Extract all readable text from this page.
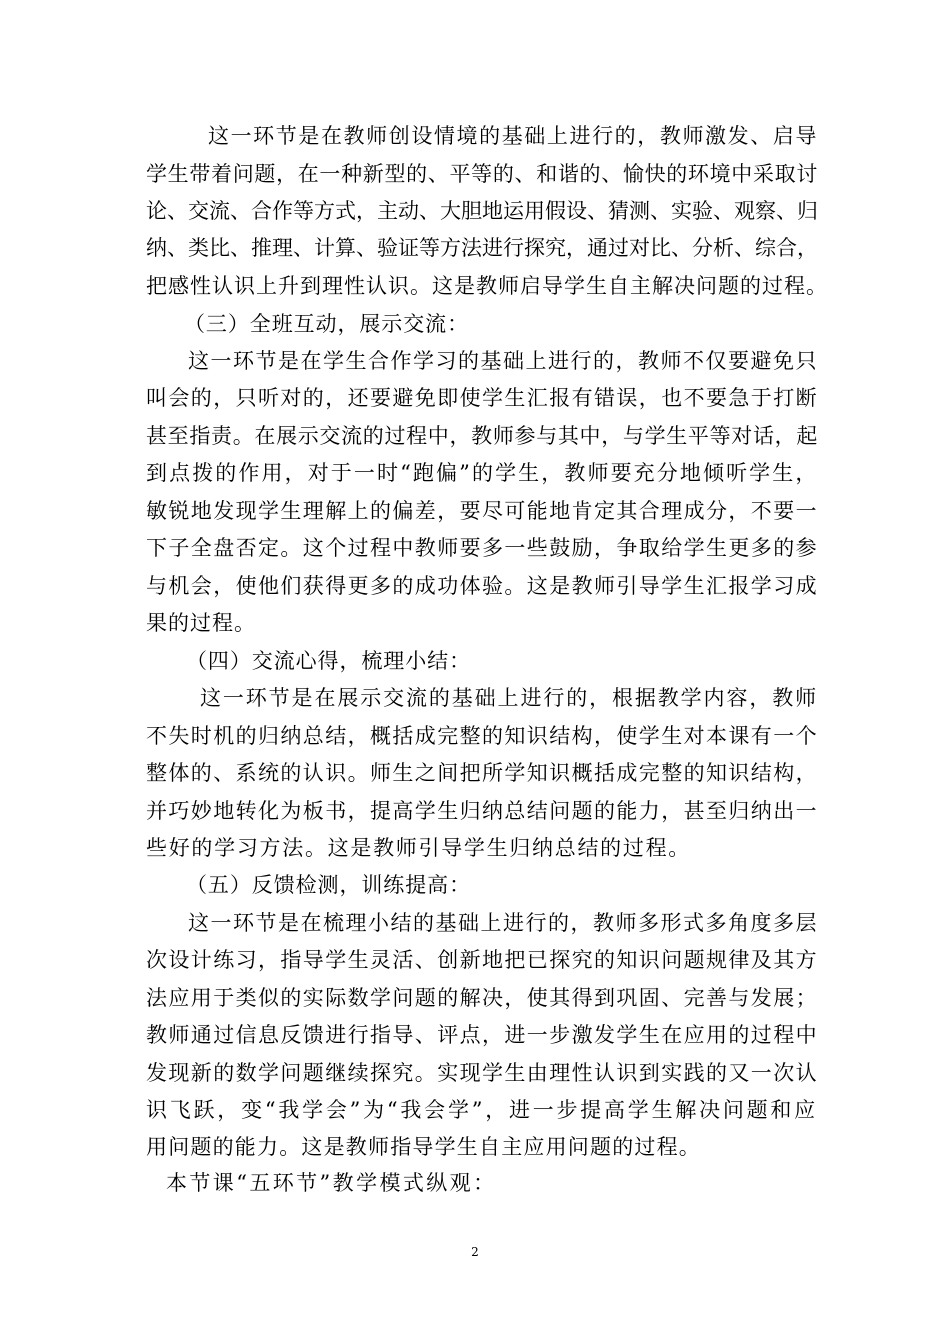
这一环节是在教师创设情境的基础上进行的，教师激发、启导
学生带着问题，在一种新型的、平等的、和谐的、愉快的环境中采取讨
论、交流、合作等方式，主动、大胆地运用假设、猜测、实验、观察、归
纳、类比、推理、计算、验证等方法进行探究，通过对比、分析、综合，
把感性认识上升到理性认识。这是教师启导学生自主解决问题的过程。
（三）全班互动，展示交流：
这一环节是在学生合作学习的基础上进行的，教师不仅要避免只
叫会的，只听对的，还要避免即使学生汇报有错误，也不要急于打断
甚至指责。在展示交流的过程中，教师参与其中，与学生平等对话，起
到点拨的作用，对于一时“跑偏”的学生，教师要充分地倾听学生，
敏锐地发现学生理解上的偏差，要尽可能地肯定其合理成分，不要一
下子全盘否定。这个过程中教师要多一些鼓励，争取给学生更多的参
与机会，使他们获得更多的成功体验。这是教师引导学生汇报学习成
果的过程。
（四）交流心得，梳理小结：
这一环节是在展示交流的基础上进行的，根据教学内容，教师
不失时机的归纳总结，概括成完整的知识结构，使学生对本课有一个
整体的、系统的认识。师生之间把所学知识概括成完整的知识结构，
并巧妙地转化为板书，提高学生归纳总结问题的能力，甚至归纳出一
些好的学习方法。这是教师引导学生归纳总结的过程。
（五）反馈检测，训练提高：
这一环节是在梳理小结的基础上进行的，教师多形式多角度多层
次设计练习，指导学生灵活、创新地把已探究的知识问题规律及其方
法应用于类似的实际数学问题的解决，使其得到巩固、完善与发展；
教师通过信息反馈进行指导、评点，进一步激发学生在应用的过程中
发现新的数学问题继续探究。实现学生由理性认识到实践的又一次认
识飞跃，变“我学会”为“我会学”，进一步提高学生解决问题和应
用问题的能力。这是教师指导学生自主应用问题的过程。
本节课“五环节”教学模式纵观：
2
